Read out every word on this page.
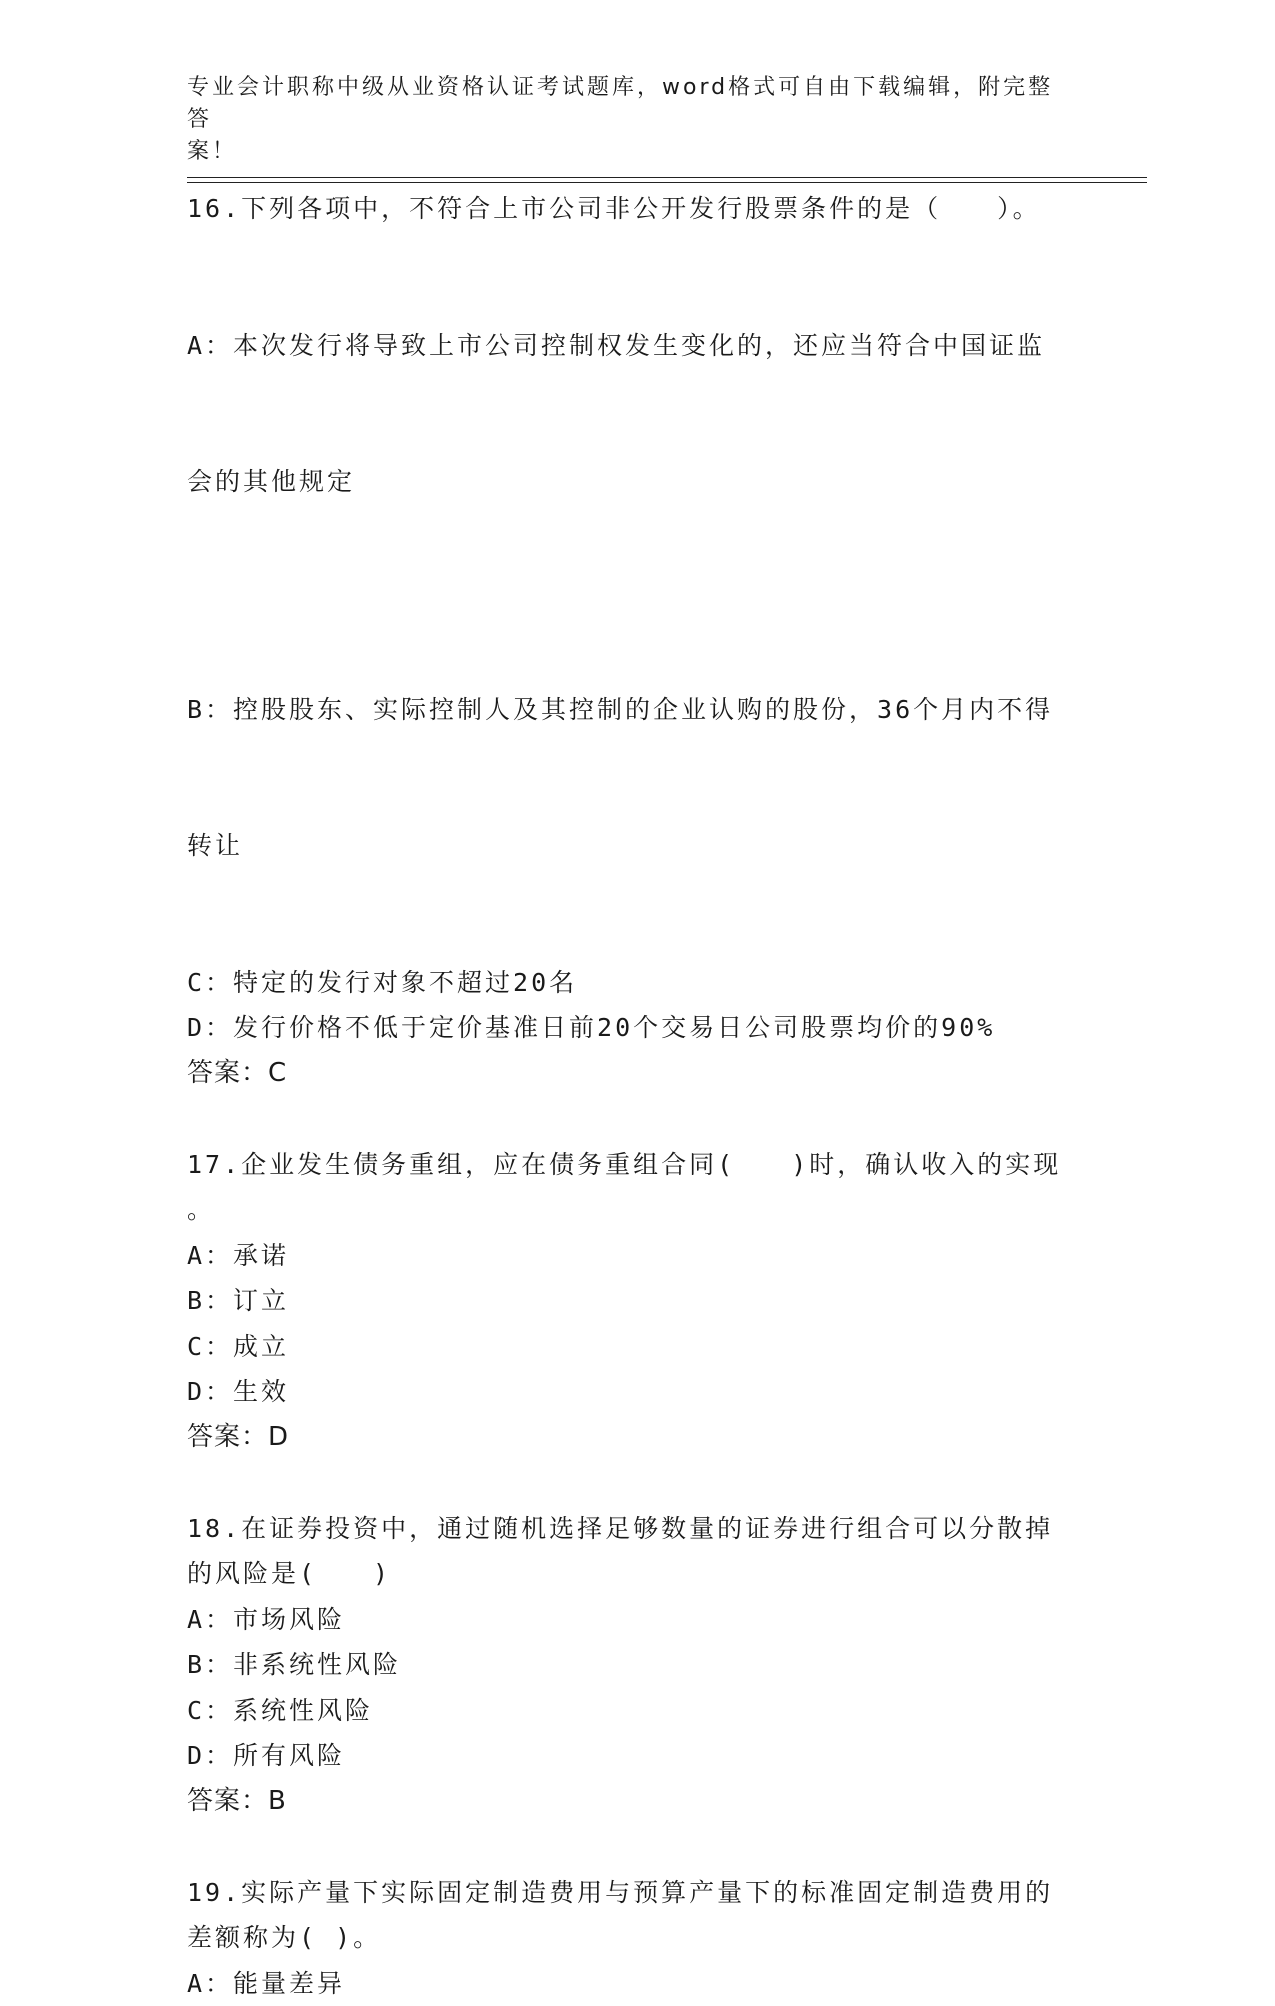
专业会计职称中级从业资格认证考试题库，word格式可自由下载编辑，附完整答
案！
16.下列各项中，不符合上市公司非公开发行股票条件的是（　　）。

A：本次发行将导致上市公司控制权发生变化的，还应当符合中国证监

会的其他规定

B：控股股东、实际控制人及其控制的企业认购的股份，36个月内不得

转让

C：特定的发行对象不超过20名
D：发行价格不低于定价基准日前20个交易日公司股票均价的90%
答案：C
17.企业发生债务重组，应在债务重组合同(　　)时，确认收入的实现
。
A：承诺
B：订立
C：成立
D：生效
答案：D
18.在证券投资中，通过随机选择足够数量的证券进行组合可以分散掉
的风险是(　　)
A：市场风险
B：非系统性风险
C：系统性风险
D：所有风险
答案：B
19.实际产量下实际固定制造费用与预算产量下的标准固定制造费用的
差额称为( )。
A：能量差异
